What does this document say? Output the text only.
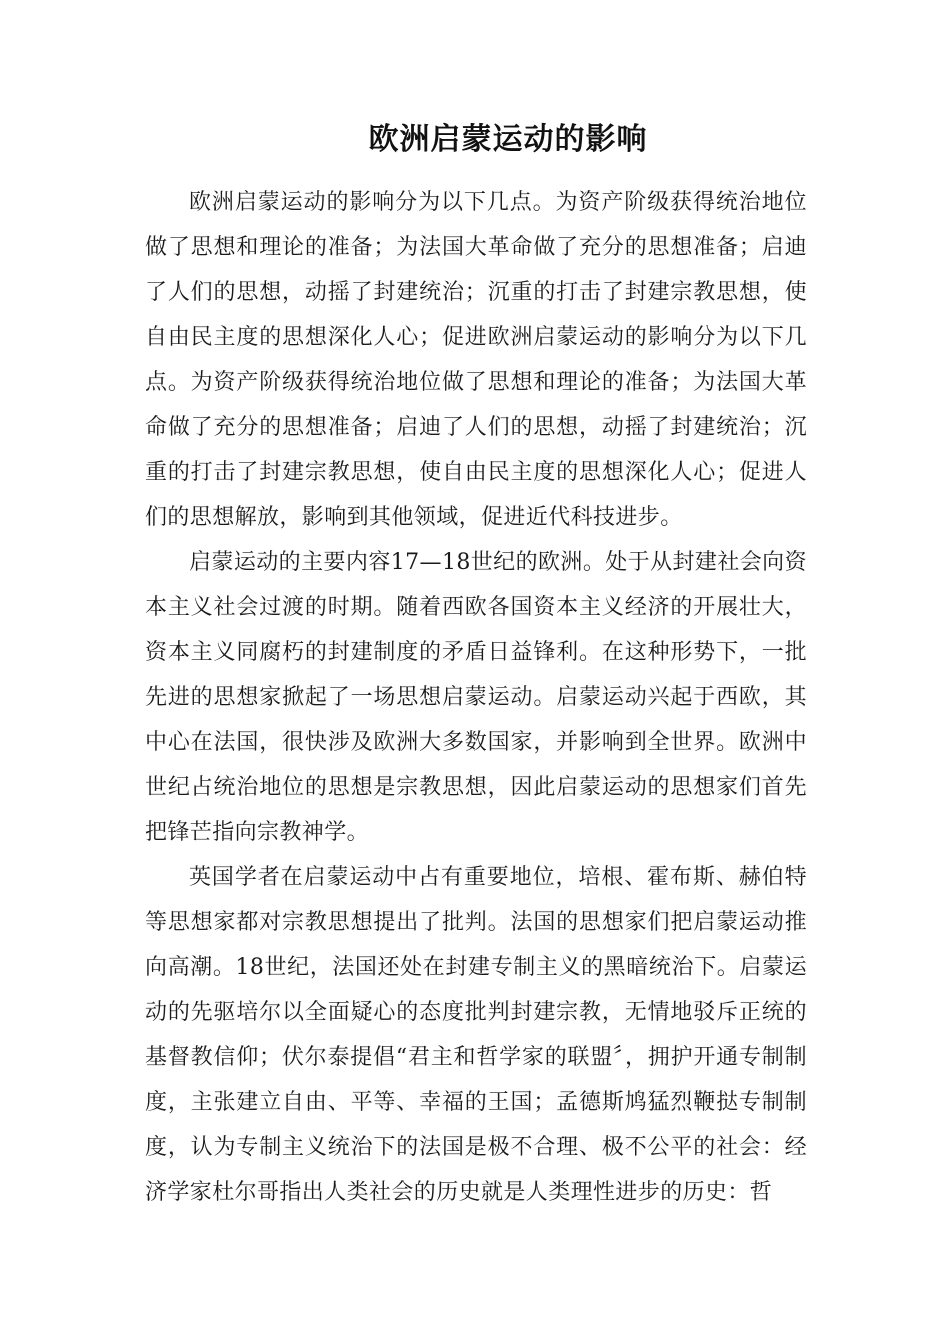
欧洲启蒙运动的影响

欧洲启蒙运动的影响分为以下几点。为资产阶级获得统治地位做了思想和理论的准备；为法国大革命做了充分的思想准备；启迪了人们的思想，动摇了封建统治；沉重的打击了封建宗教思想，使自由民主度的思想深化人心；促进欧洲启蒙运动的影响分为以下几点。为资产阶级获得统治地位做了思想和理论的准备；为法国大革命做了充分的思想准备；启迪了人们的思想，动摇了封建统治；沉重的打击了封建宗教思想，使自由民主度的思想深化人心；促进人们的思想解放，影响到其他领域，促进近代科技进步。

启蒙运动的主要内容17—18世纪的欧洲。处于从封建社会向资本主义社会过渡的时期。随着西欧各国资本主义经济的开展壮大，资本主义同腐朽的封建制度的矛盾日益锋利。在这种形势下，一批先进的思想家掀起了一场思想启蒙运动。启蒙运动兴起于西欧，其中心在法国，很快涉及欧洲大多数国家，并影响到全世界。欧洲中世纪占统治地位的思想是宗教思想，因此启蒙运动的思想家们首先把锋芒指向宗教神学。

英国学者在启蒙运动中占有重要地位，培根、霍布斯、赫伯特等思想家都对宗教思想提出了批判。法国的思想家们把启蒙运动推向高潮。18世纪，法国还处在封建专制主义的黑暗统治下。启蒙运动的先驱培尔以全面疑心的态度批判封建宗教，无情地驳斥正统的基督教信仰；伏尔泰提倡“君主和哲学家的联盟〞，拥护开通专制制度，主张建立自由、平等、幸福的王国；孟德斯鸠猛烈鞭挞专制制度，认为专制主义统治下的法国是极不合理、极不公平的社会：经济学家杜尔哥指出人类社会的历史就是人类理性进步的历史：哲
